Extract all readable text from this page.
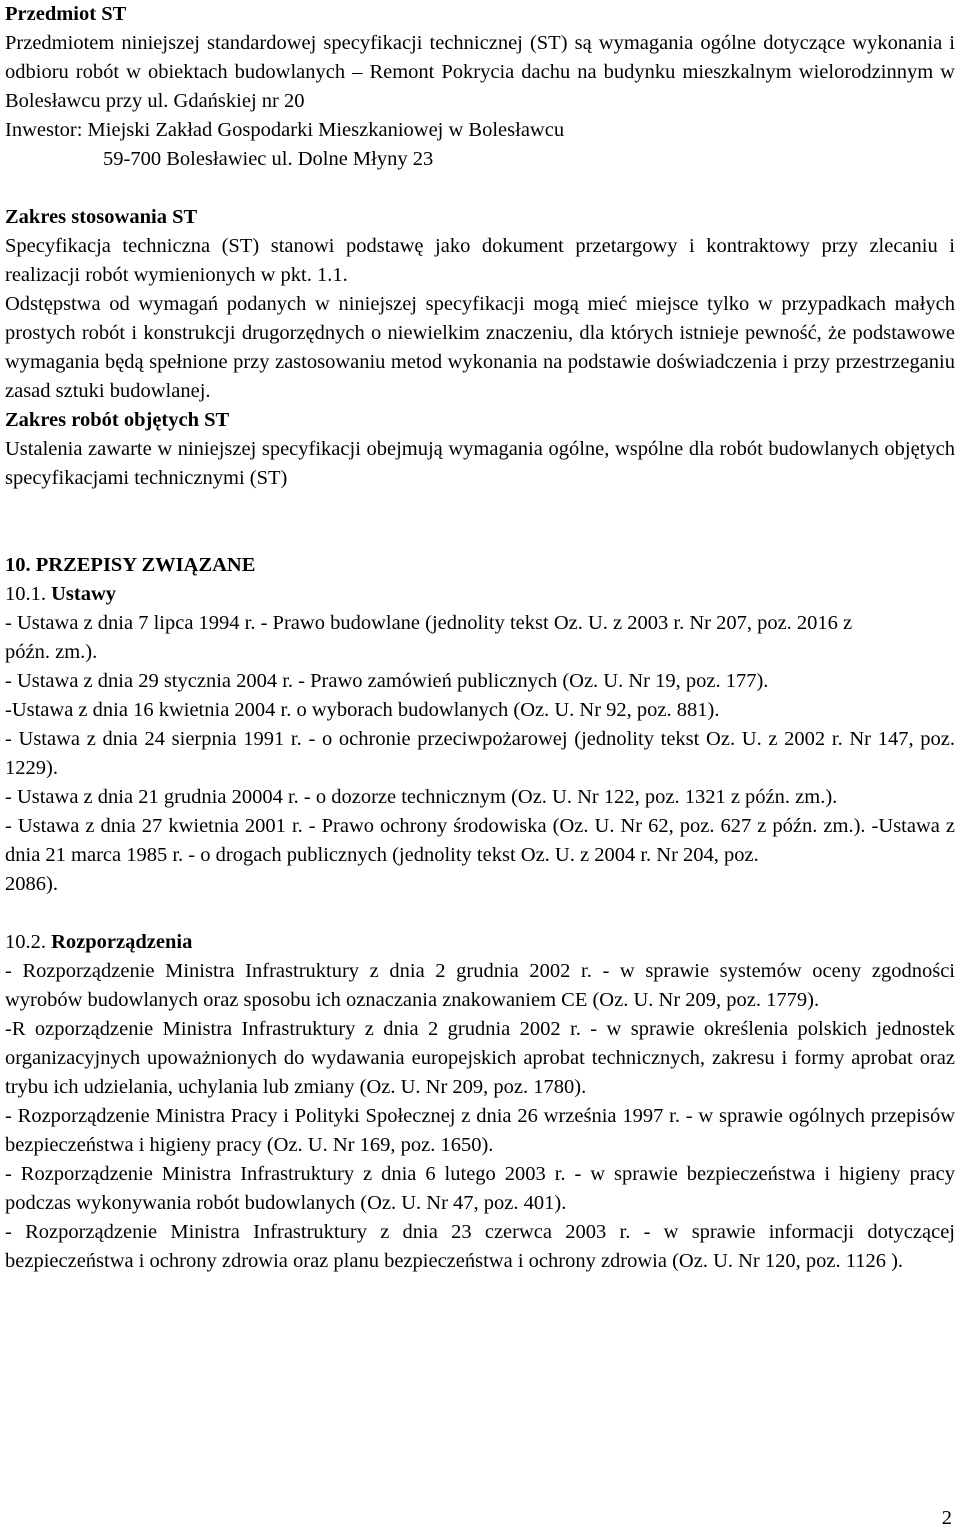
Przedmiot ST

Przedmiotem niniejszej standardowej specyfikacji technicznej (ST) są wymagania ogólne dotyczące wykonania i odbioru robót w obiektach budowlanych – Remont Pokrycia dachu na budynku mieszkalnym wielorodzinnym w Bolesławcu przy ul. Gdańskiej nr 20

Inwestor: Miejski Zakład Gospodarki Mieszkaniowej w Bolesławcu

59-700 Bolesławiec ul. Dolne Młyny 23

Zakres stosowania ST

Specyfikacja techniczna (ST) stanowi podstawę jako dokument przetargowy i kontraktowy przy zlecaniu i realizacji robót wymienionych w pkt. 1.1.

Odstępstwa od wymagań podanych w niniejszej specyfikacji mogą mieć miejsce tylko w przypadkach małych prostych robót i konstrukcji drugorzędnych o niewielkim znaczeniu, dla których istnieje pewność, że podstawowe wymagania będą spełnione przy zastosowaniu metod wykonania na podstawie doświadczenia i przy przestrzeganiu zasad sztuki budowlanej.

Zakres robót objętych ST

Ustalenia zawarte w niniejszej specyfikacji obejmują wymagania ogólne, wspólne dla robót budowlanych objętych specyfikacjami technicznymi (ST)

10. PRZEPISY ZWIĄZANE

10.1. Ustawy

- Ustawa z dnia 7 lipca 1994 r. - Prawo budowlane (jednolity tekst Oz. U. z 2003 r. Nr 207, poz. 2016 z

późn. zm.).

- Ustawa z dnia 29 stycznia 2004 r. - Prawo zamówień publicznych (Oz. U. Nr 19, poz. 177).

-Ustawa z dnia 16 kwietnia 2004 r. o wyborach budowlanych (Oz. U. Nr 92, poz. 881).

- Ustawa z dnia 24 sierpnia 1991 r. - o ochronie przeciwpożarowej (jednolity tekst Oz. U. z 2002 r. Nr 147, poz. 1229).

- Ustawa z dnia 21 grudnia 20004 r. - o dozorze technicznym (Oz. U. Nr 122, poz. 1321 z późn. zm.).

- Ustawa z dnia 27 kwietnia 2001 r. - Prawo ochrony środowiska (Oz. U. Nr 62, poz. 627 z późn. zm.). -Ustawa z dnia 21 marca 1985 r. - o drogach publicznych (jednolity tekst Oz. U. z 2004 r. Nr 204, poz.

2086).

10.2. Rozporządzenia

- Rozporządzenie Ministra Infrastruktury z dnia 2 grudnia 2002 r. - w sprawie systemów oceny zgodności wyrobów budowlanych oraz sposobu ich oznaczania znakowaniem CE (Oz. U. Nr 209, poz. 1779).

-R ozporządzenie Ministra Infrastruktury z dnia 2 grudnia 2002 r. - w sprawie określenia polskich jednostek organizacyjnych upoważnionych do wydawania europejskich aprobat technicznych, zakresu i formy aprobat oraz trybu ich udzielania, uchylania lub zmiany (Oz. U. Nr 209, poz. 1780).

- Rozporządzenie Ministra Pracy i Polityki Społecznej z dnia 26 września 1997 r. - w sprawie ogólnych przepisów bezpieczeństwa i higieny pracy (Oz. U. Nr 169, poz. 1650).

- Rozporządzenie Ministra Infrastruktury z dnia 6 lutego 2003 r. - w sprawie bezpieczeństwa i higieny pracy podczas wykonywania robót budowlanych (Oz. U. Nr 47, poz. 401).

- Rozporządzenie Ministra Infrastruktury z dnia 23 czerwca 2003 r. - w sprawie informacji dotyczącej bezpieczeństwa i ochrony zdrowia oraz planu bezpieczeństwa i ochrony zdrowia (Oz. U. Nr 120, poz. 1126 ).

2
